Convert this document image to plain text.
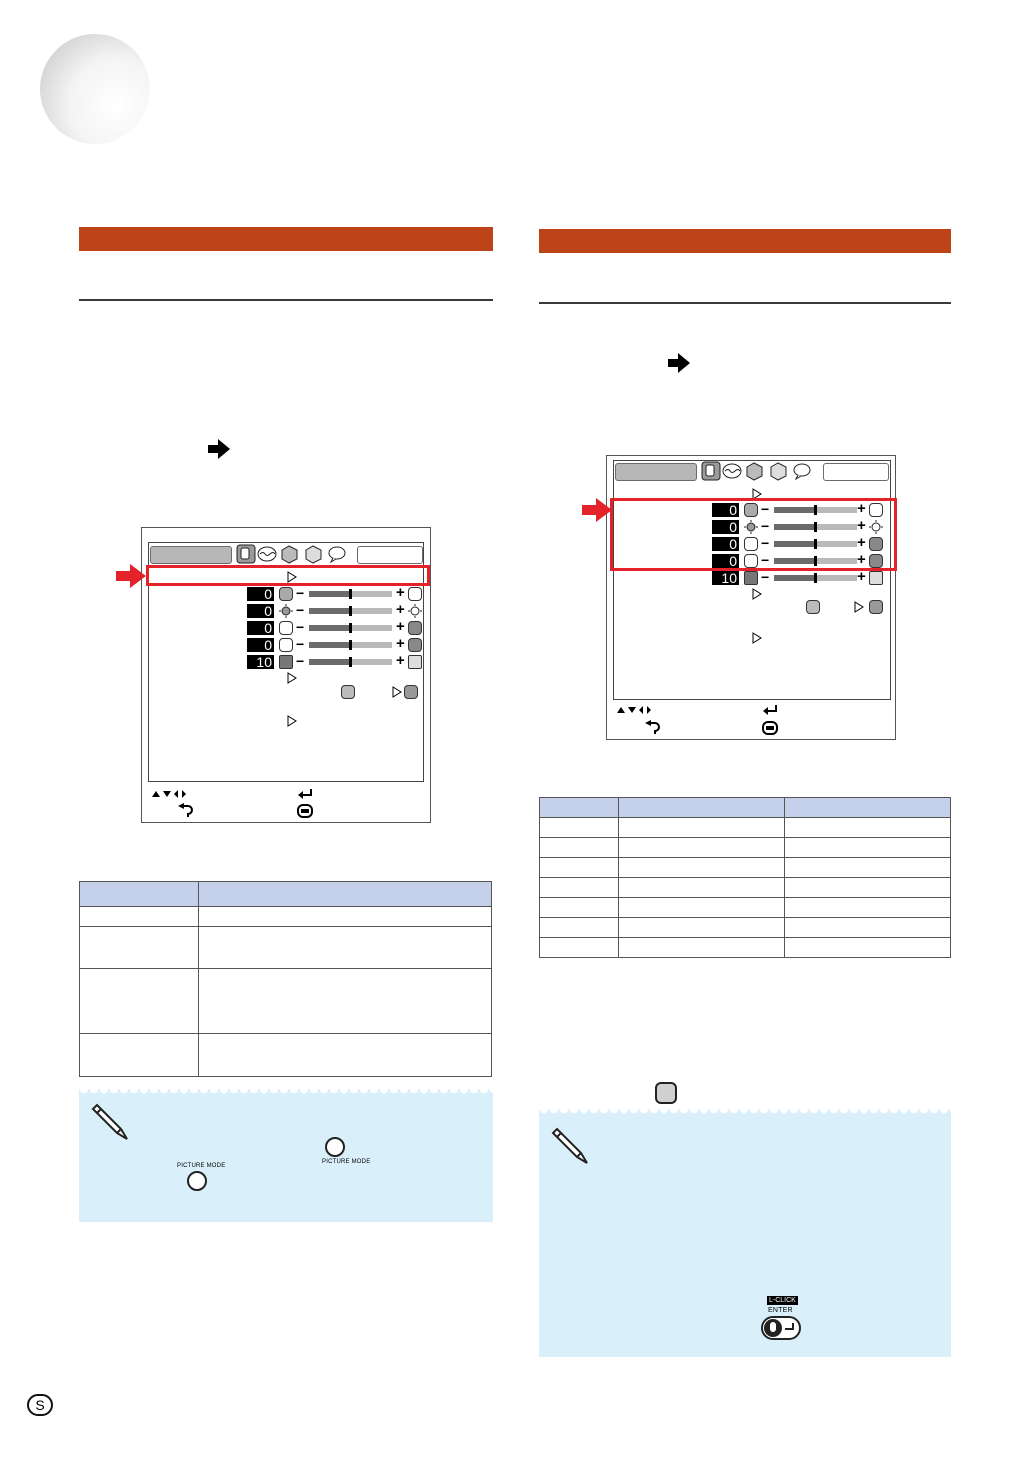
0 −	+
0 −	+
0 −	+
0 −	+
10 −	+

PICTURE MODE
PICTURE MODE
0 −	+
0 −	+
0 −	+
0 −	+
10 −	+

L-CLICK
ENTER
S
